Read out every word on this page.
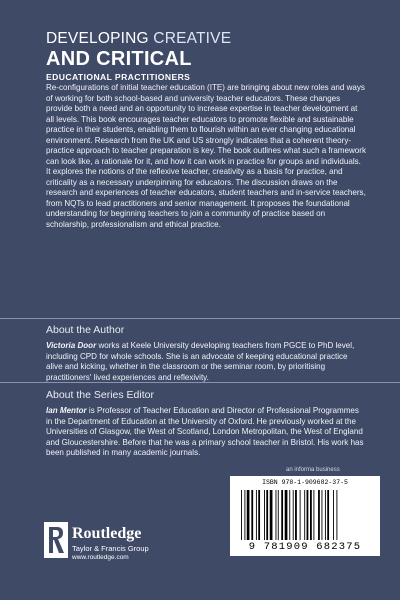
DEVELOPING CREATIVE
AND CRITICAL
EDUCATIONAL PRACTITIONERS
Re-configurations of initial teacher education (ITE) are bringing about new roles and ways of working for both school-based and university teacher educators. These changes provide both a need and an opportunity to increase expertise in teacher development at all levels. This book encourages teacher educators to promote flexible and sustainable practice in their students, enabling them to flourish within an ever changing educational environment. Research from the UK and US strongly indicates that a coherent theory-practice approach to teacher preparation is key. The book outlines what such a framework can look like, a rationale for it, and how it can work in practice for groups and individuals. It explores the notions of the reflexive teacher, creativity as a basis for practice, and criticality as a necessary underpinning for educators. The discussion draws on the research and experiences of teacher educators, student teachers and in-service teachers, from NQTs to lead practitioners and senior management. It proposes the foundational understanding for beginning teachers to join a community of practice based on scholarship, professionalism and ethical practice.
About the Author
Victoria Door works at Keele University developing teachers from PGCE to PhD level, including CPD for whole schools. She is an advocate of keeping educational practice alive and kicking, whether in the classroom or the seminar room, by prioritising practitioners' lived experiences and reflexivity.
About the Series Editor
Ian Mentor is Professor of Teacher Education and Director of Professional Programmes in the Department of Education at the University of Oxford. He previously worked at the Universities of Glasgow, the West of Scotland, London Metropolitan, the West of England and Gloucestershire. Before that he was a primary school teacher in Bristol. His work has been published in many academic journals.
an informa business
ISBN 978-1-909682-37-5
9 781909 682375
Routledge
Taylor & Francis Group
www.routledge.com
